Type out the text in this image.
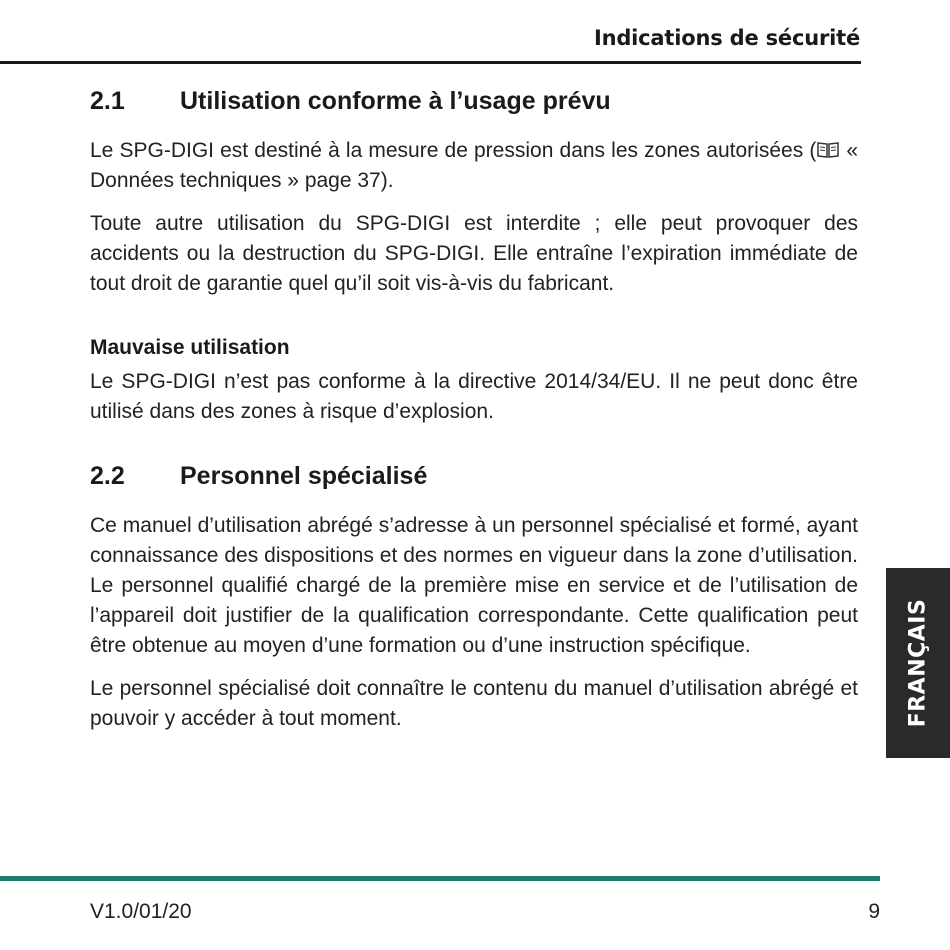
Indications de sécurité
2.1	Utilisation conforme à l’usage prévu

Le SPG-DIGI est destiné à la mesure de pression dans les zones autorisées ( « Données techniques » page 37).

Toute autre utilisation du SPG-DIGI est interdite ; elle peut provoquer des accidents ou la destruction du SPG-DIGI. Elle entraîne l’expiration immédiate de tout droit de garantie quel qu’il soit vis-à-vis du fabricant.

Mauvaise utilisation

Le SPG-DIGI n’est pas conforme à la directive 2014/34/EU. Il ne peut donc être utilisé dans des zones à risque d’explosion.

2.2	Personnel spécialisé

Ce manuel d’utilisation abrégé s’adresse à un personnel spécialisé et formé, ayant connaissance des dispositions et des normes en vigueur dans la zone d’utilisation. Le personnel qualifié chargé de la première mise en service et de l’utilisation de l’appareil doit justifier de la qualification correspondante. Cette qualification peut être obtenue au moyen d’une formation ou d’une instruction spécifique.

Le personnel spécialisé doit connaître le contenu du manuel d’utilisation abrégé et pouvoir y accéder à tout moment.	FRANÇAIS
V1.0/01/20	9
